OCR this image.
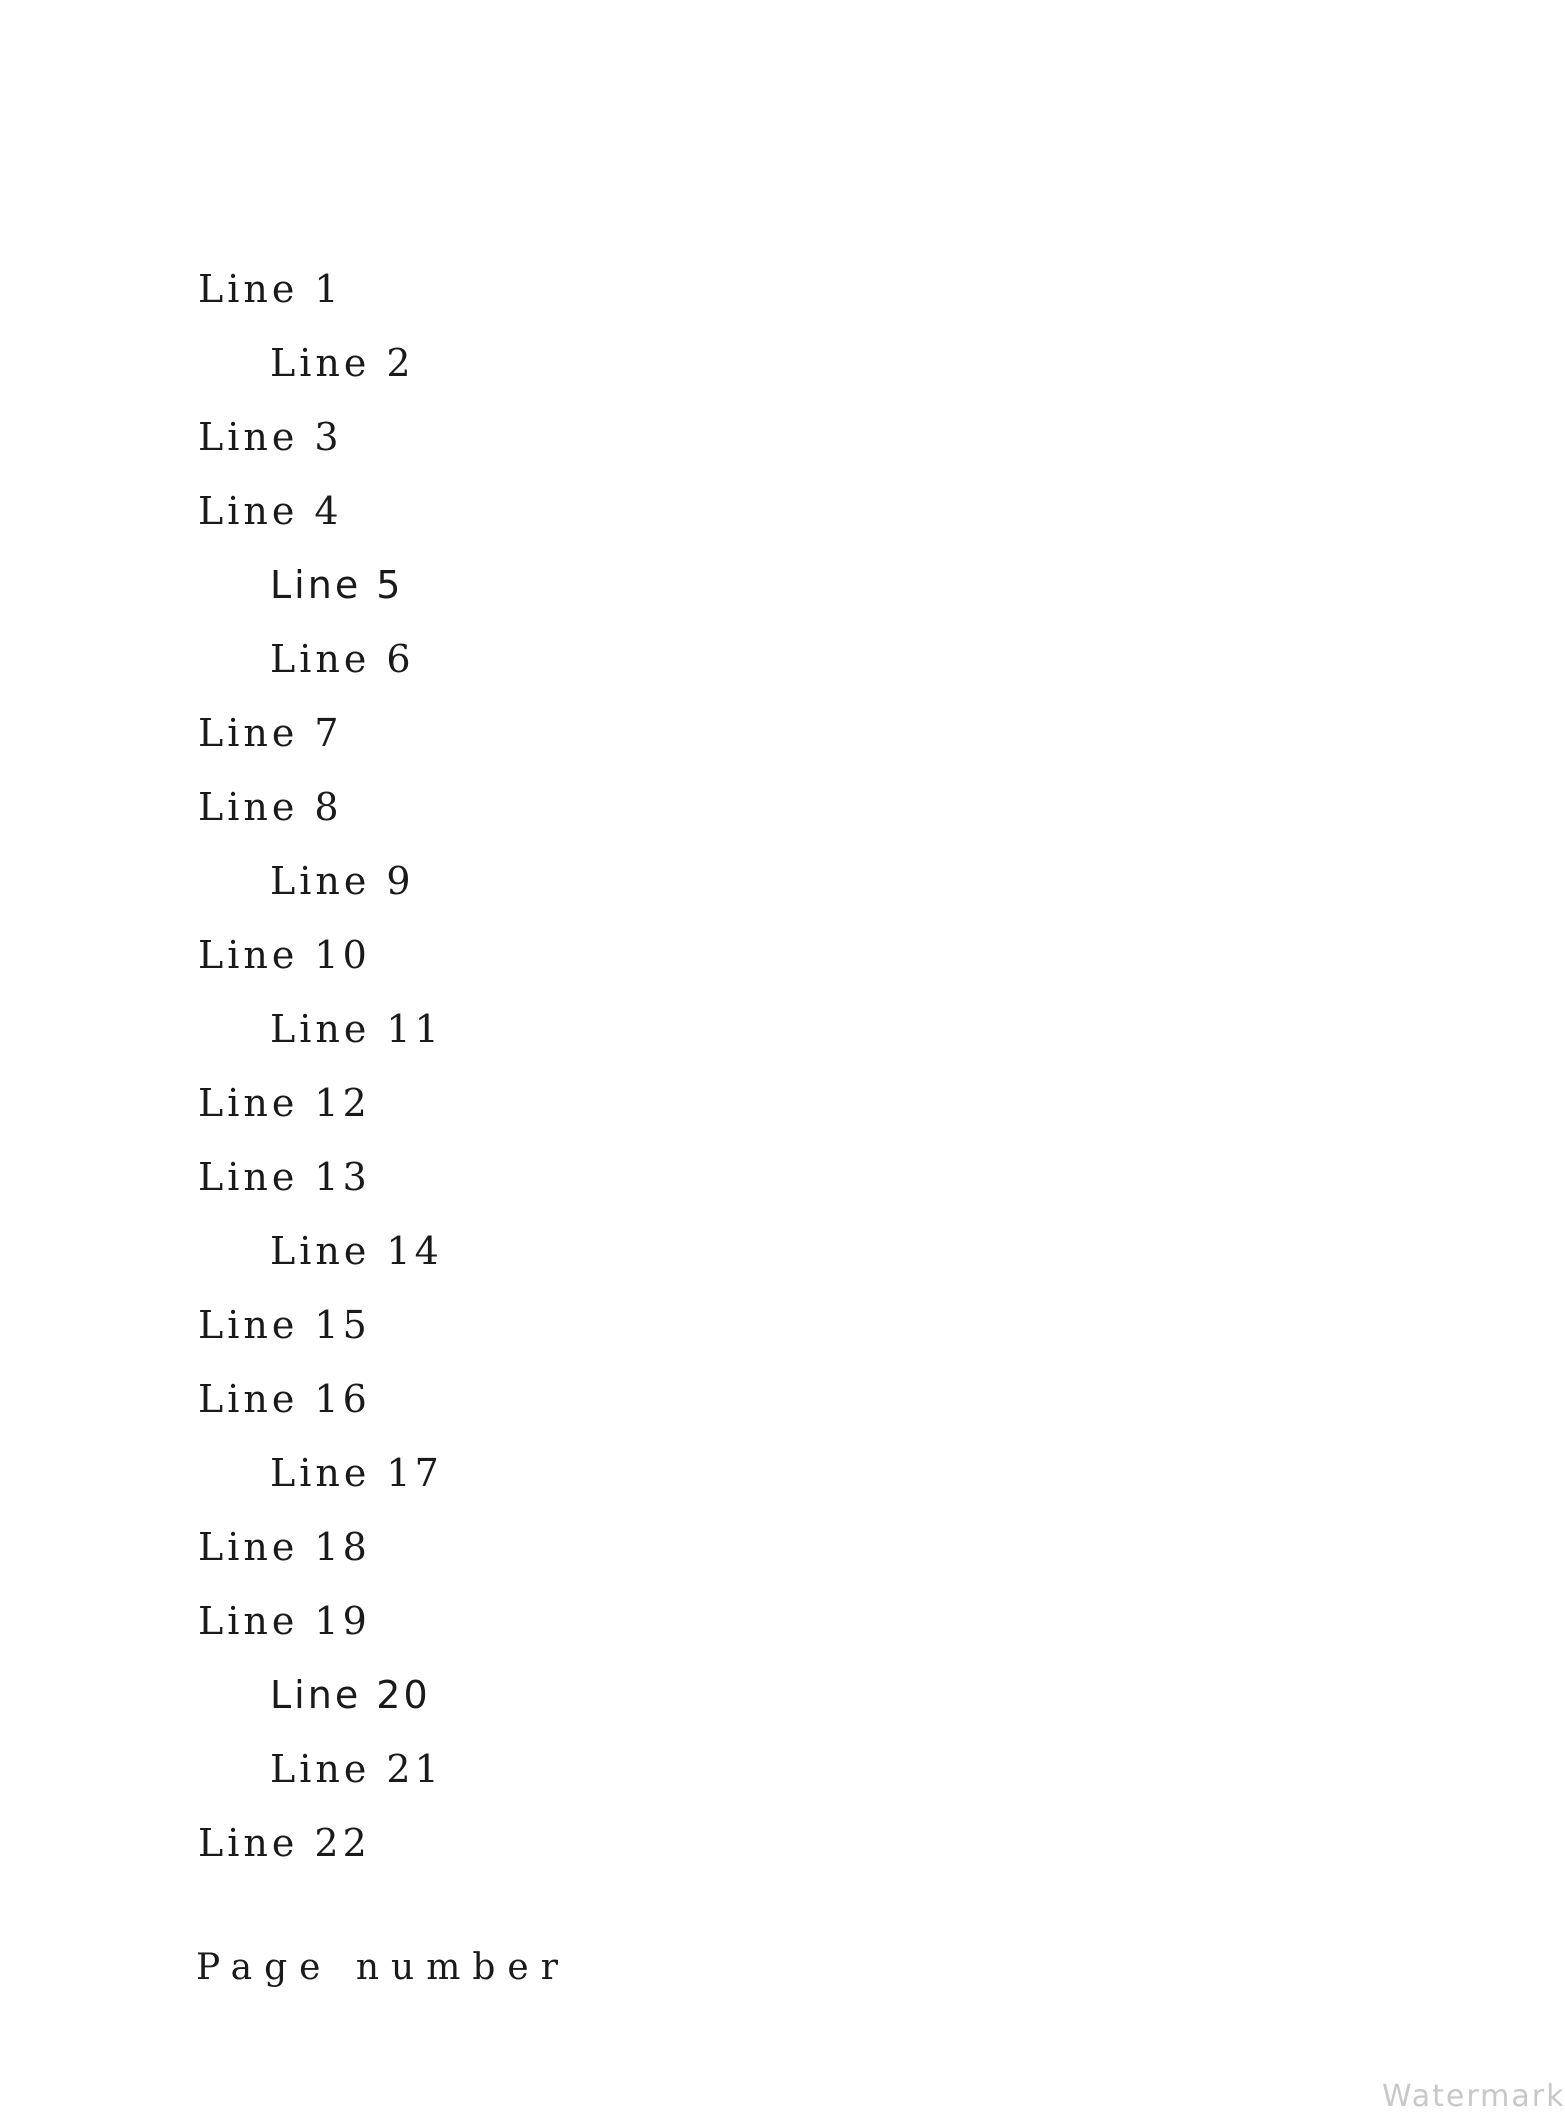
Line 1
Line 2
Line 3
Line 4
Line 5
Line 6
Line 7
Line 8
Line 9
Line 10
Line 11
Line 12
Line 13
Line 14
Line 15
Line 16
Line 17
Line 18
Line 19
Line 20
Line 21
Line 22
Page number
Watermark
